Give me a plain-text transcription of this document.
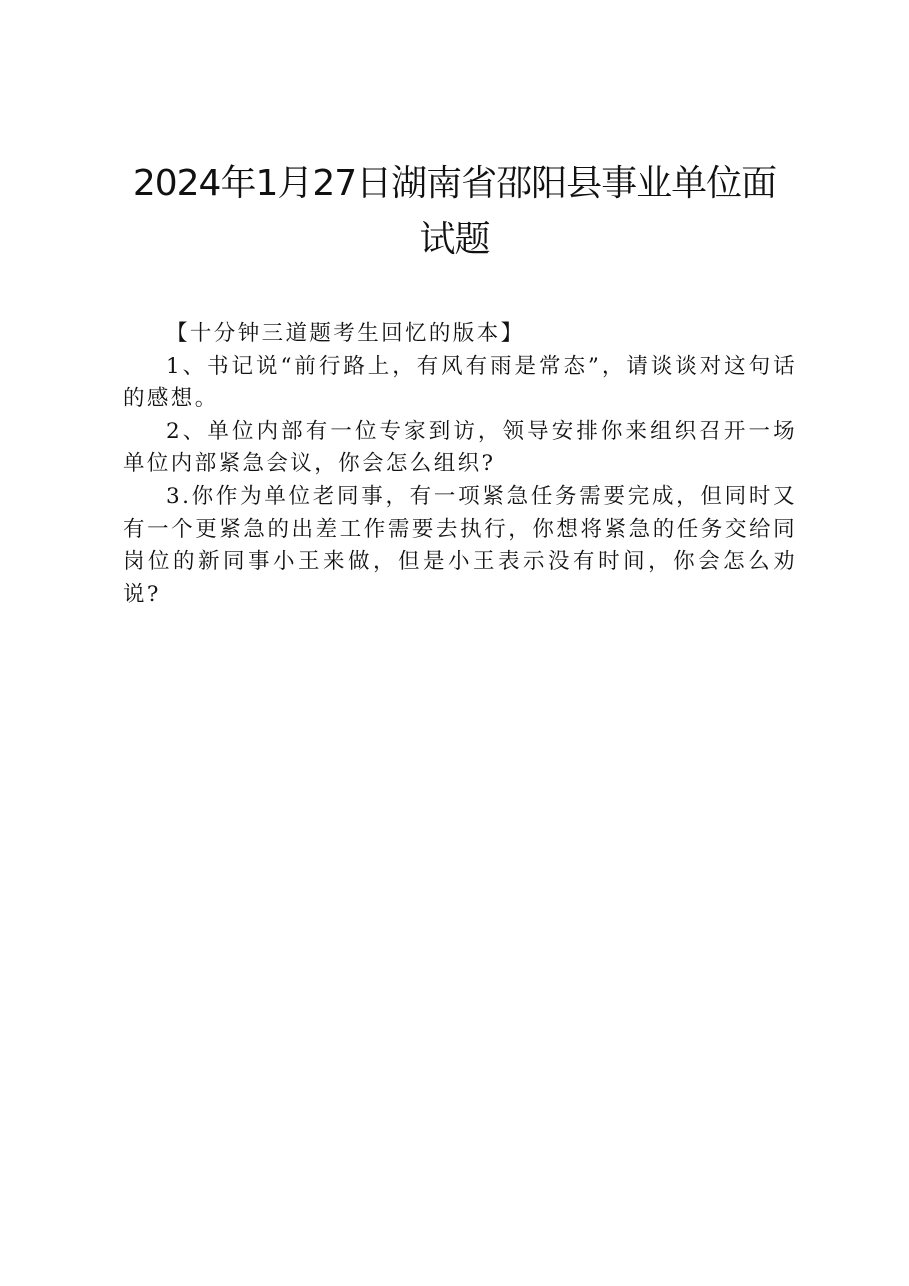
2024年1月27日湖南省邵阳县事业单位面
试题

【十分钟三道题考生回忆的版本】

1、书记说“前行路上，有风有雨是常态”，请谈谈对这句话的感想。

2、单位内部有一位专家到访，领导安排你来组织召开一场单位内部紧急会议，你会怎么组织?

3.你作为单位老同事，有一项紧急任务需要完成，但同时又有一个更紧急的出差工作需要去执行，你想将紧急的任务交给同岗位的新同事小王来做，但是小王表示没有时间，你会怎么劝说?
